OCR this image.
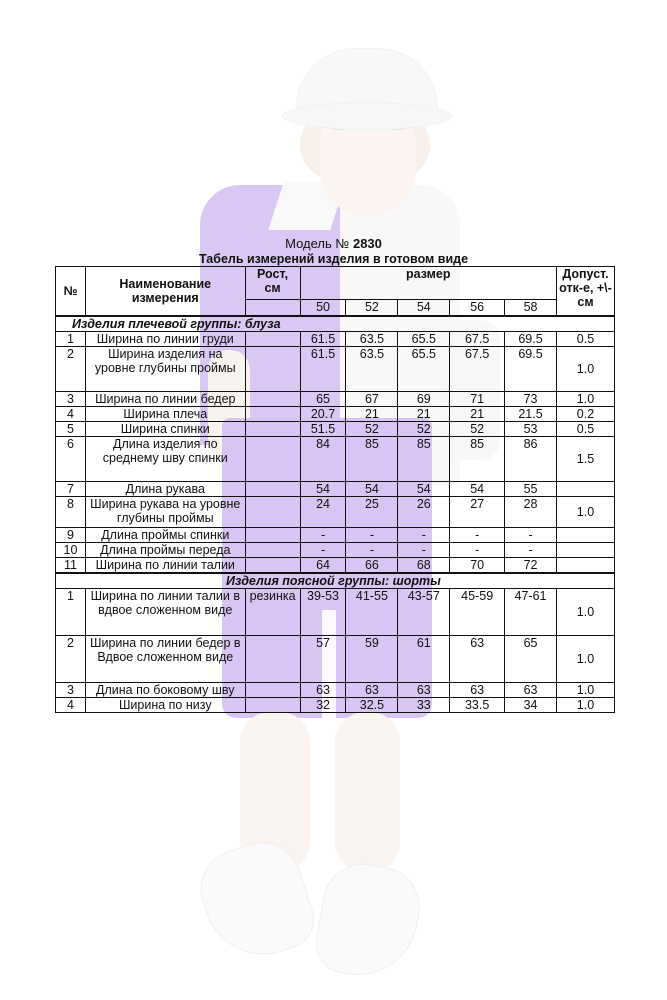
Модель № 2830
Табель измерений изделия в готовом виде
№	Наименование измерения	Рост, см	размер					Допуст. отк-е, +\-см
			50	52	54	56	58	
Изделия плечевой группы: блуза								
1	Ширина по линии груди		61.5	63.5	65.5	67.5	69.5	0.5
2	Ширина изделия на уровне глубины проймы		61.5	63.5	65.5	67.5	69.5	1.0
3	Ширина по линии бедер		65	67	69	71	73	1.0
4	Ширина плеча		20.7	21	21	21	21.5	0.2
5	Ширина спинки		51.5	52	52	52	53	0.5
6	Длина изделия по среднему шву спинки		84	85	85	85	86	1.5
7	Длина рукава		54	54	54	54	55	
8	Ширина рукава на уровне глубины проймы		24	25	26	27	28	1.0
9	Длина проймы спинки		-	-	-	-	-	
10	Длина проймы переда		-	-	-	-	-	
11	Ширина по линии талии		64	66	68	70	72	
Изделия поясной группы: шорты								
1	Ширина по линии талии в вдвое сложенном виде	резинка	39-53	41-55	43-57	45-59	47-61	1.0
2	Ширина по линии бедер в Вдвое сложенном виде		57	59	61	63	65	1.0
3	Длина по боковому шву		63	63	63	63	63	1.0
4	Ширина по низу		32	32.5	33	33.5	34	1.0
